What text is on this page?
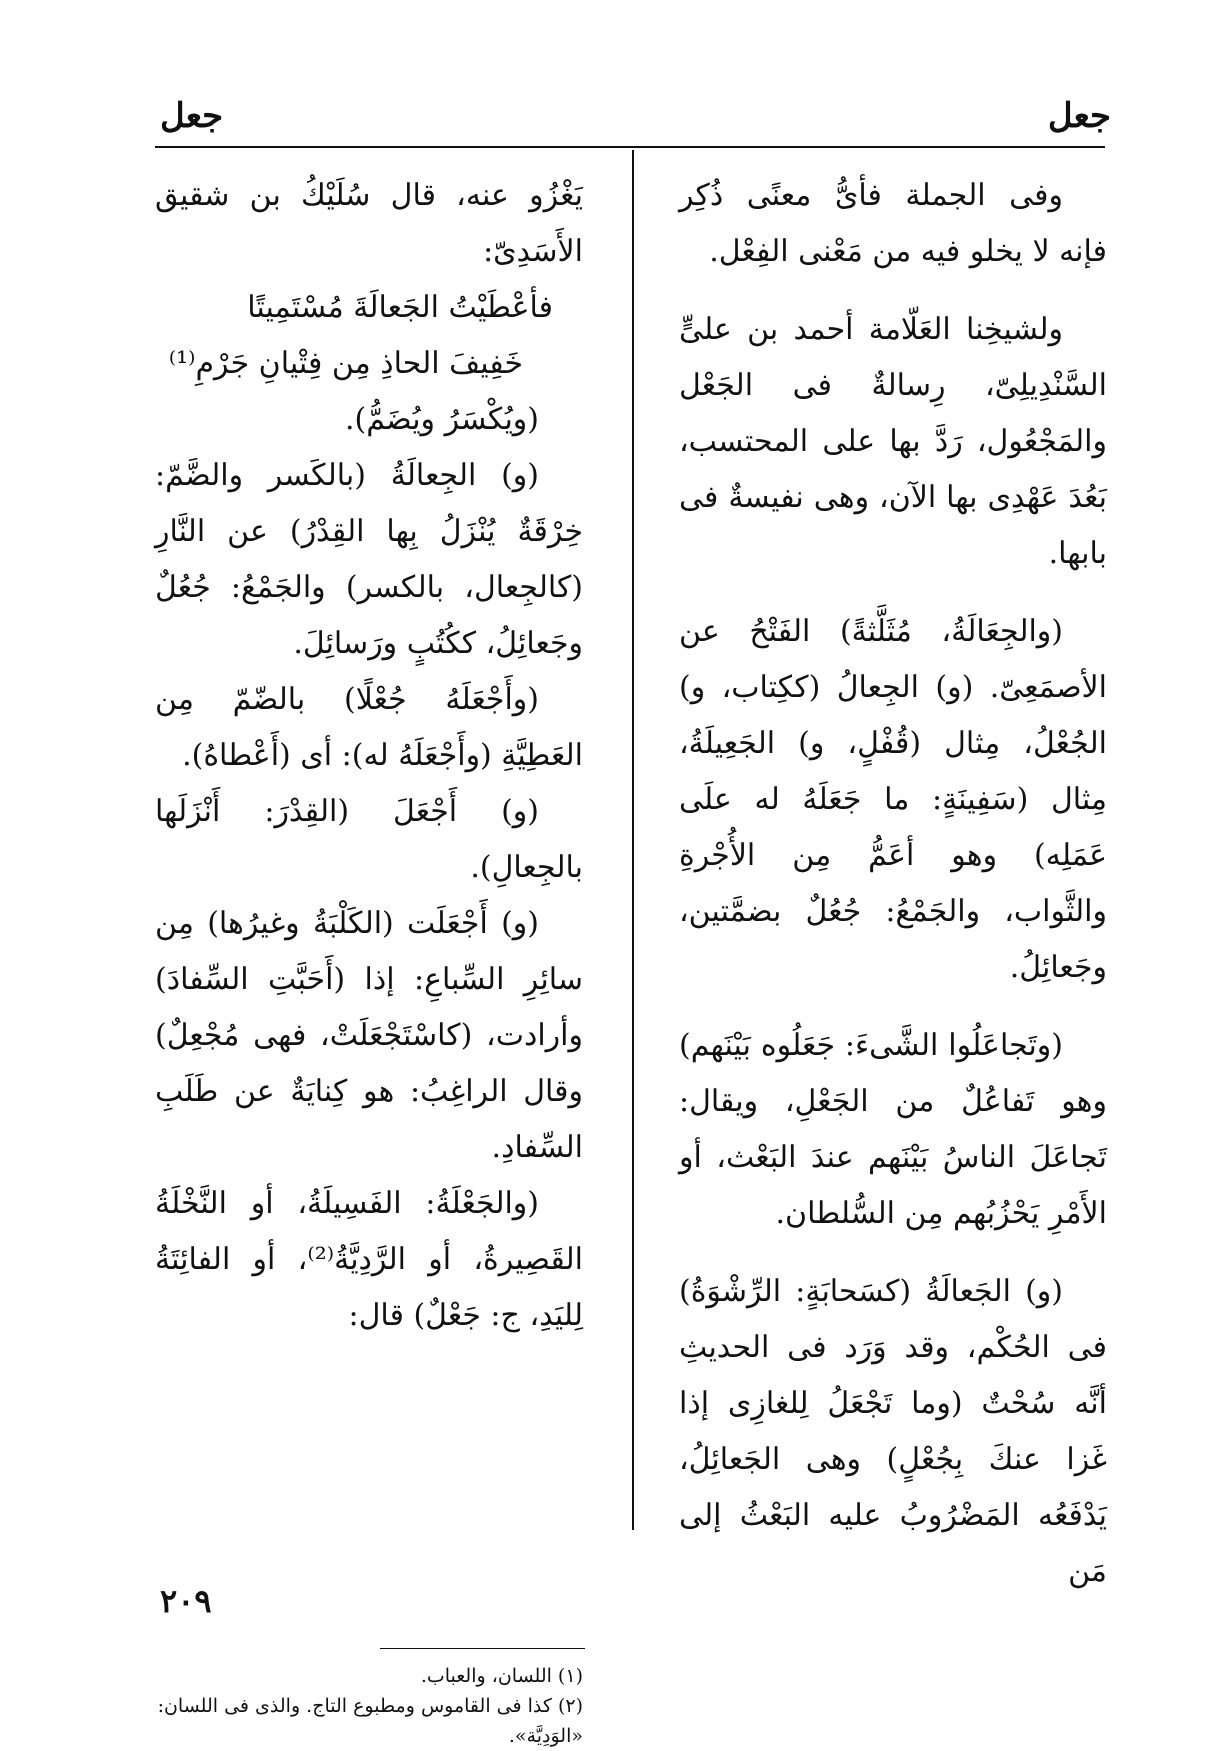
جعل
جعل

وفى الجملة فأىُّ معنًى ذُكِر فإنه لا يخلو فيه من مَعْنى الفِعْل.

ولشيخِنا العَلّامة أحمد بن علىٍّ السَّنْدِيلِىّ، رِسالةٌ فى الجَعْل والمَجْعُول، رَدَّ بها على المحتسب، بَعُدَ عَهْدِى بها الآن، وهى نفيسةٌ فى بابها.

(والجِعَالَةُ، مُثَلَّثةً) الفَتْحُ عن الأصمَعِىّ. (و) الجِعالُ (ككِتاب، و) الجُعْلُ، مِثال (قُفْلٍ، و) الجَعِيلَةُ، مِثال (سَفِينَةٍ: ما جَعَلَهُ له علَى عَمَلِه) وهو أعَمُّ مِن الأُجْرةِ والثَّواب، والجَمْعُ: جُعُلٌ بضمَّتين، وجَعائِلُ.

(وتَجاعَلُوا الشَّىءَ: جَعَلُوه بَيْنَهم) وهو تَفاعُلٌ من الجَعْلِ، ويقال: تَجاعَلَ الناسُ بَيْنَهم عندَ البَعْث، أو الأَمْرِ يَحْزُبُهم مِن السُّلطان.

(و) الجَعالَةُ (كسَحابَةٍ: الرِّشْوَةُ) فى الحُكْم، وقد وَرَد فى الحديثِ أنَّه سُحْتٌ (وما تَجْعَلُ لِلغازِى إذا غَزا عنكَ بِجُعْلٍ) وهى الجَعائِلُ، يَدْفَعُه المَضْرُوبُ عليه البَعْثُ إلى مَن

يَغْزُو عنه، قال سُلَيْكُ بن شقيق الأَسَدِىّ:

فأعْطَيْتُ الجَعالَةَ مُسْتَمِيتًا

خَفِيفَ الحاذِ مِن فِتْيانِ جَرْمِ⁽¹⁾

(ويُكْسَرُ ويُضَمُّ).

(و) الجِعالَةُ (بالكَسر والضَّمّ: خِرْقَةٌ يُنْزَلُ بِها القِدْرُ) عن النَّارِ (كالجِعال، بالكسر) والجَمْعُ: جُعُلٌ وجَعائِلُ، ككُتُبٍ ورَسائِلَ.

(وأَجْعَلَهُ جُعْلًا) بالضّمّ مِن العَطِيَّةِ (وأَجْعَلَهُ له): أى (أَعْطاهُ).

(و) أَجْعَلَ (القِدْرَ: أَنْزَلَها بالجِعالِ).

(و) أَجْعَلَت (الكَلْبَةُ وغيرُها) مِن سائِرِ السِّباعِ: إذا (أَحَبَّتِ السِّفادَ) وأرادت، (كاسْتَجْعَلَتْ، فهى مُجْعِلٌ) وقال الراغِبُ: هو كِنايَةٌ عن طَلَبِ السِّفادِ.

(والجَعْلَةُ: الفَسِيلَةُ، أو النَّخْلَةُ القَصِيرةُ، أو الرَّدِيَّةُ⁽²⁾، أو الفائِتَةُ لِليَدِ، ج: جَعْلٌ) قال:

(١) اللسان، والعباب.

(٢) كذا فى القاموس ومطبوع التاج. والذى فى اللسان: «الوَدِيَّة».

٢٠٩
